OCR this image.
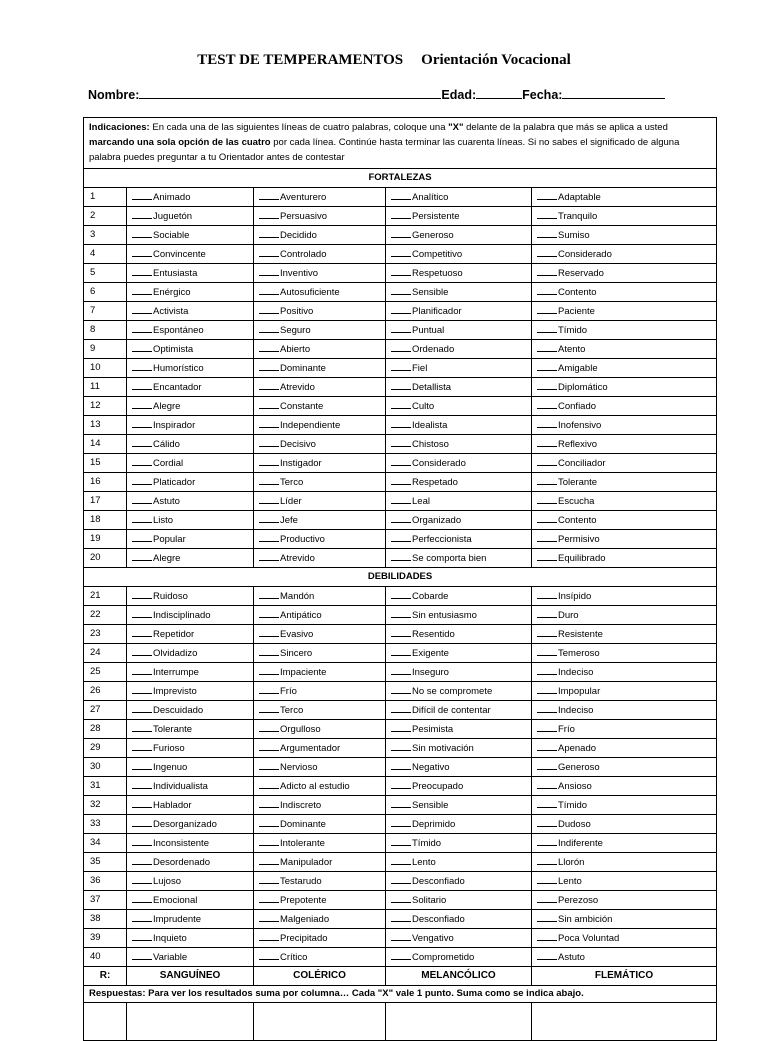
TEST DE TEMPERAMENTOS Orientación Vocacional
Nombre:	Edad:	Fecha:
Indicaciones: En cada una de las siguientes líneas de cuatro palabras, coloque una "X" delante de la palabra que más se aplica a usted marcando una sola opción de las cuatro por cada línea. Continúe hasta terminar las cuarenta líneas. Si no sabes el significado de alguna palabra puedes preguntar a tu Orientador antes de contestar				
FORTALEZAS				
1	Animado	Aventurero	Analítico	Adaptable
2	Juguetón	Persuasivo	Persistente	Tranquilo
3	Sociable	Decidido	Generoso	Sumiso
4	Convincente	Controlado	Competitivo	Considerado
5	Entusiasta	Inventivo	Respetuoso	Reservado
6	Enérgico	Autosuficiente	Sensible	Contento
7	Activista	Positivo	Planificador	Paciente
8	Espontáneo	Seguro	Puntual	Tímido
9	Optimista	Abierto	Ordenado	Atento
10	Humorístico	Dominante	Fiel	Amigable
11	Encantador	Atrevido	Detallista	Diplomático
12	Alegre	Constante	Culto	Confiado
13	Inspirador	Independiente	Idealista	Inofensivo
14	Cálido	Decisivo	Chistoso	Reflexivo
15	Cordial	Instigador	Considerado	Conciliador
16	Platicador	Terco	Respetado	Tolerante
17	Astuto	Líder	Leal	Escucha
18	Listo	Jefe	Organizado	Contento
19	Popular	Productivo	Perfeccionista	Permisivo
20	Alegre	Atrevido	Se comporta bien	Equilibrado
DEBILIDADES				
21	Ruidoso	Mandón	Cobarde	Insípido
22	Indisciplinado	Antipático	Sin entusiasmo	Duro
23	Repetidor	Evasivo	Resentido	Resistente
24	Olvidadizo	Sincero	Exigente	Temeroso
25	Interrumpe	Impaciente	Inseguro	Indeciso
26	Imprevisto	Frío	No se compromete	Impopular
27	Descuidado	Terco	Difícil de contentar	Indeciso
28	Tolerante	Orgulloso	Pesimista	Frío
29	Furioso	Argumentador	Sin motivación	Apenado
30	Ingenuo	Nervioso	Negativo	Generoso
31	Individualista	Adicto al estudio	Preocupado	Ansioso
32	Hablador	Indiscreto	Sensible	Tímido
33	Desorganizado	Dominante	Deprimido	Dudoso
34	Inconsistente	Intolerante	Tímido	Indiferente
35	Desordenado	Manipulador	Lento	Llorón
36	Lujoso	Testarudo	Desconfiado	Lento
37	Emocional	Prepotente	Solitario	Perezoso
38	Imprudente	Malgeniado	Desconfiado	Sin ambición
39	Inquieto	Precipitado	Vengativo	Poca Voluntad
40	Variable	Crítico	Comprometido	Astuto
R:	SANGUÍNEO	COLÉRICO	MELANCÓLICO	FLEMÁTICO
Respuestas: Para ver los resultados suma por columna… Cada "X" vale 1 punto. Suma como se indica abajo.				
